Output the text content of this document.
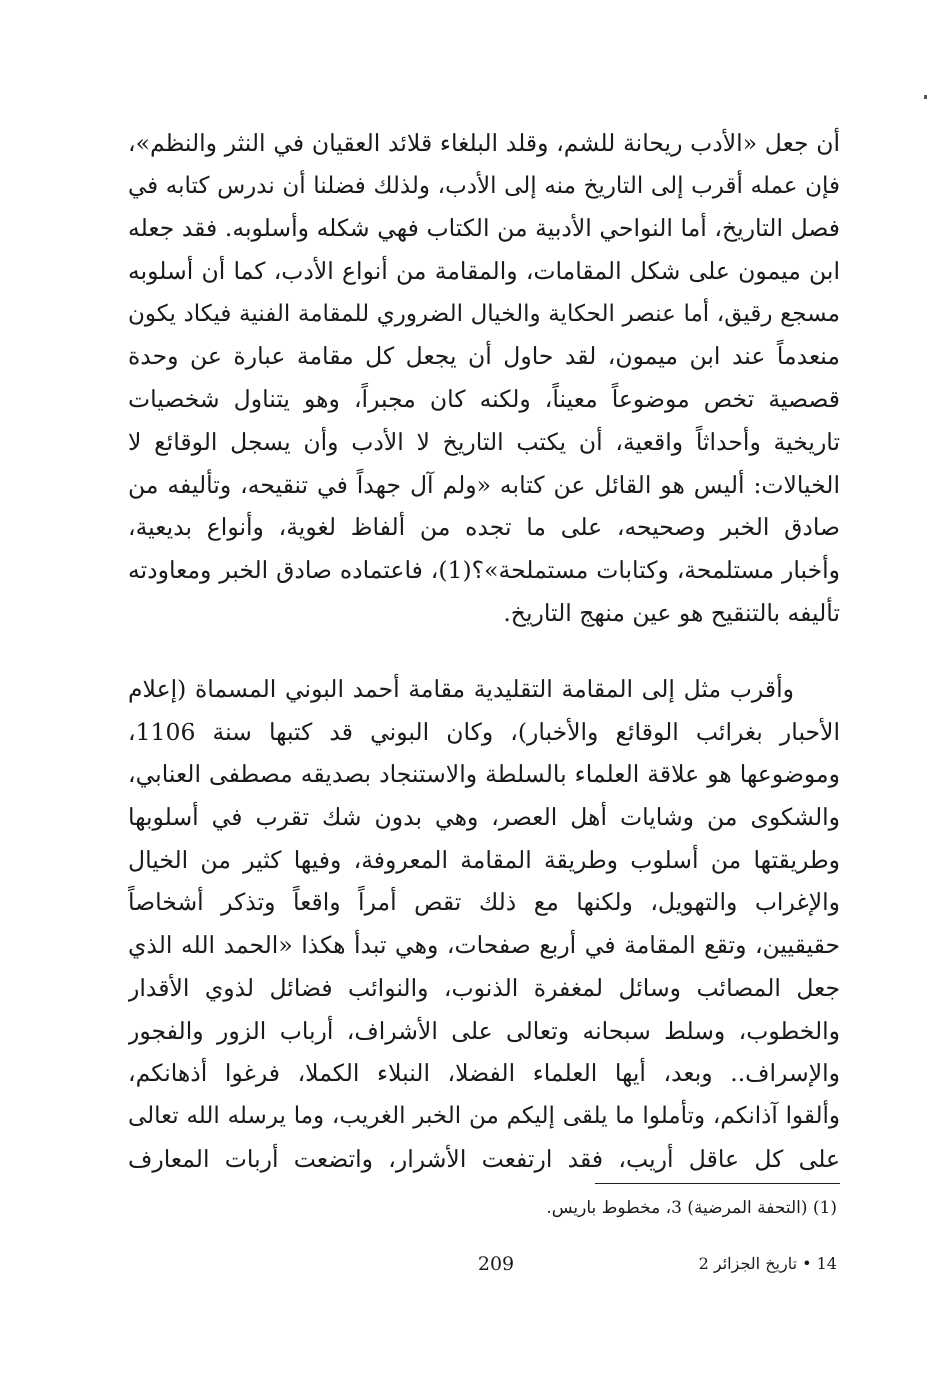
أن جعل «الأدب ريحانة للشم، وقلد البلغاء قلائد العقيان في النثر والنظم»،
فإن عمله أقرب إلى التاريخ منه إلى الأدب، ولذلك فضلنا أن ندرس كتابه في
فصل التاريخ، أما النواحي الأدبية من الكتاب فهي شكله وأسلوبه. فقد جعله
ابن ميمون على شكل المقامات، والمقامة من أنواع الأدب، كما أن أسلوبه
مسجع رقيق، أما عنصر الحكاية والخيال الضروري للمقامة الفنية فيكاد يكون
منعدماً عند ابن ميمون، لقد حاول أن يجعل كل مقامة عبارة عن وحدة
قصصية تخص موضوعاً معيناً، ولكنه كان مجبراً، وهو يتناول شخصيات
تاريخية وأحداثاً واقعية، أن يكتب التاريخ لا الأدب وأن يسجل الوقائع لا
الخيالات: أليس هو القائل عن كتابه «ولم آل جهداً في تنقيحه، وتأليفه من
صادق الخبر وصحيحه، على ما تجده من ألفاظ لغوية، وأنواع بديعية،
وأخبار مستلمحة، وكتابات مستملحة»؟(1)، فاعتماده صادق الخبر ومعاودته
تأليفه بالتنقيح هو عين منهج التاريخ.
وأقرب مثل إلى المقامة التقليدية مقامة أحمد البوني المسماة (إعلام
الأحبار بغرائب الوقائع والأخبار)، وكان البوني قد كتبها سنة 1106،
وموضوعها هو علاقة العلماء بالسلطة والاستنجاد بصديقه مصطفى العنابي،
والشكوى من وشايات أهل العصر، وهي بدون شك تقرب في أسلوبها
وطريقتها من أسلوب وطريقة المقامة المعروفة، وفيها كثير من الخيال
والإغراب والتهويل، ولكنها مع ذلك تقص أمراً واقعاً وتذكر أشخاصاً
حقيقيين، وتقع المقامة في أربع صفحات، وهي تبدأ هكذا «الحمد الله الذي
جعل المصائب وسائل لمغفرة الذنوب، والنوائب فضائل لذوي الأقدار
والخطوب، وسلط سبحانه وتعالى على الأشراف، أرباب الزور والفجور
والإسراف.. وبعد، أيها العلماء الفضلا، النبلاء الكملا، فرغوا أذهانكم،
وألقوا آذانكم، وتأملوا ما يلقى إليكم من الخبر الغريب، وما يرسله الله تعالى
على كل عاقل أريب، فقد ارتفعت الأشرار، واتضعت أربات المعارف
(1) (التحفة المرضية) 3، مخطوط باريس.
209	14 ‍• تاريخ الجزائر 2
